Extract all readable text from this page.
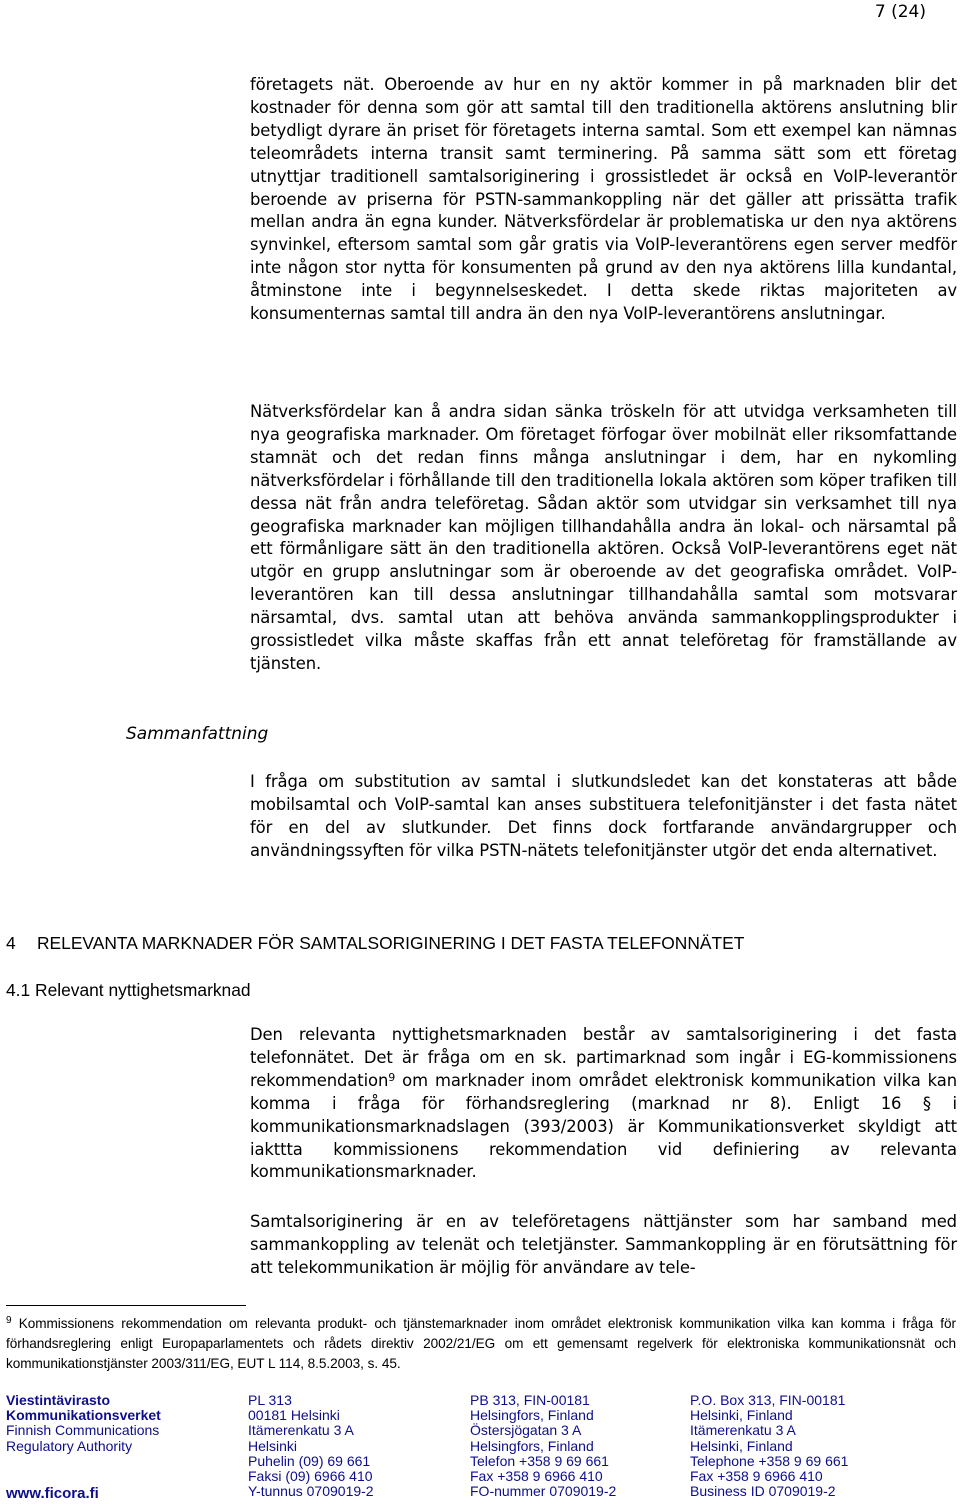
7 (24)
företagets nät. Oberoende av hur en ny aktör kommer in på marknaden blir det kostnader för denna som gör att samtal till den traditionella aktörens anslutning blir betydligt dyrare än priset för företagets interna samtal. Som ett exempel kan nämnas teleområdets interna transit samt terminering. På samma sätt som ett företag utnyttjar traditionell samtalsoriginering i grossistledet är också en VoIP-leverantör beroende av priserna för PSTN-sammankoppling när det gäller att prissätta trafik mellan andra än egna kunder. Nätverksfördelar är problematiska ur den nya aktörens synvinkel, eftersom samtal som går gratis via VoIP-leverantörens egen server medför inte någon stor nytta för konsumenten på grund av den nya aktörens lilla kundantal, åtminstone inte i begynnelseskedet. I detta skede riktas majoriteten av konsumenternas samtal till andra än den nya VoIP-leverantörens anslutningar.
Nätverksfördelar kan å andra sidan sänka tröskeln för att utvidga verksamheten till nya geografiska marknader. Om företaget förfogar över mobilnät eller riksomfattande stamnät och det redan finns många anslutningar i dem, har en nykomling nätverksfördelar i förhållande till den traditionella lokala aktören som köper trafiken till dessa nät från andra teleföretag. Sådan aktör som utvidgar sin verksamhet till nya geografiska marknader kan möjligen tillhandahålla andra än lokal- och närsamtal på ett förmånligare sätt än den traditionella aktören. Också VoIP-leverantörens eget nät utgör en grupp anslutningar som är oberoende av det geografiska området. VoIP-leverantören kan till dessa anslutningar tillhandahålla samtal som motsvarar närsamtal, dvs. samtal utan att behöva använda sammankopplingsprodukter i grossistledet vilka måste skaffas från ett annat teleföretag för framställande av tjänsten.
Sammanfattning
I fråga om substitution av samtal i slutkundsledet kan det konstateras att både mobilsamtal och VoIP-samtal kan anses substituera telefonitjänster i det fasta nätet för en del av slutkunder. Det finns dock fortfarande användargrupper och användningssyften för vilka PSTN-nätets telefonitjänster utgör det enda alternativet.
4 RELEVANTA MARKNADER FÖR SAMTALSORIGINERING I DET FASTA TELEFONNÄTET
4.1 Relevant nyttighetsmarknad
Den relevanta nyttighetsmarknaden består av samtalsoriginering i det fasta telefonnätet. Det är fråga om en sk. partimarknad som ingår i EG-kommissionens rekommendation$^9$ om marknader inom området elektronisk kommunikation vilka kan komma i fråga för förhandsreglering (marknad nr 8). Enligt 16 § i kommunikationsmarknadslagen (393/2003) är Kommunikationsverket skyldigt att iakttta kommissionens rekommendation vid definiering av relevanta kommunikationsmarknader.
Samtalsoriginering är en av teleföretagens nättjänster som har samband med sammankoppling av telenät och teletjänster. Sammankoppling är en förutsättning för att telekommunikation är möjlig för användare av tele-
$^9$ Kommissionens rekommendation om relevanta produkt- och tjänstemarknader inom området elektronisk kommunikation vilka kan komma i fråga för förhandsreglering enligt Europaparlamentets och rådets direktiv 2002/21/EG om ett gemensamt regelverk för elektroniska kommunikationsnät och kommunikationstjänster 2003/311/EG, EUT L 114, 8.5.2003, s. 45.
Viestintävirasto
Kommunikationsverket
Finnish Communications
Regulatory Authority
www.ficora.fi
PL 313
00181 Helsinki
Itämerenkatu 3 A
Helsinki
Puhelin (09) 69 661
Faksi (09) 6966 410
Y-tunnus 0709019-2
PB 313, FIN-00181
Helsingfors, Finland
Östersjögatan 3 A
Helsingfors, Finland
Telefon +358 9 69 661
Fax +358 9 6966 410
FO-nummer 0709019-2
P.O. Box 313, FIN-00181
Helsinki, Finland
Itämerenkatu 3 A
Helsinki, Finland
Telephone +358 9 69 661
Fax +358 9 6966 410
Business ID 0709019-2
